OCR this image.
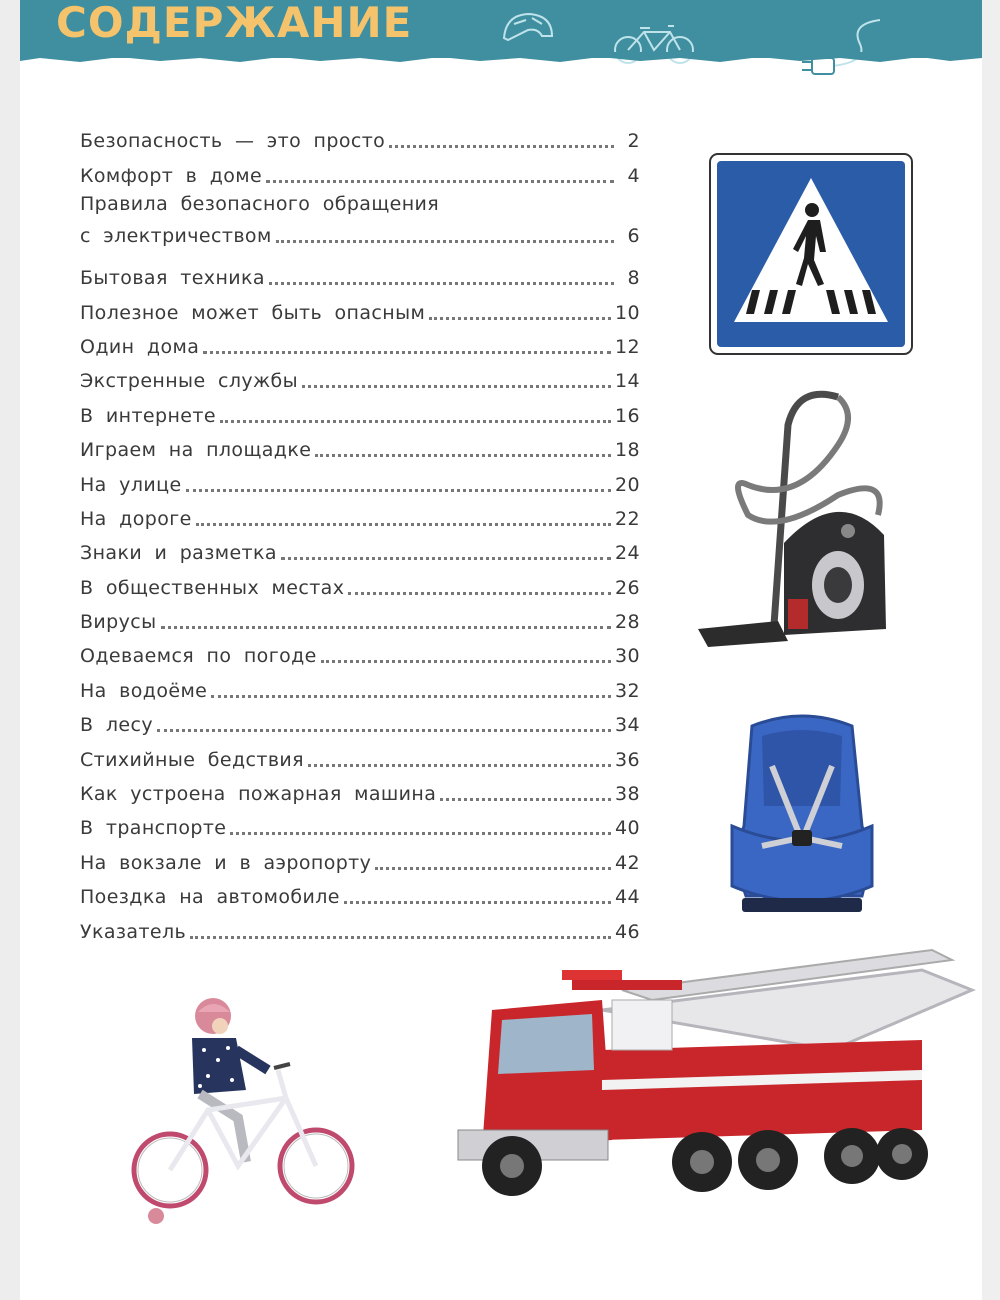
СОДЕРЖАНИЕ
Безопасность — это просто	2
Комфорт в доме	4
Правила безопасного обращения
с электричеством	6
Бытовая техника	8
Полезное может быть опасным	10
Один дома	12
Экстренные службы	14
В интернете	16
Играем на площадке	18
На улице	20
На дороге	22
Знаки и разметка	24
В общественных местах	26
Вирусы	28
Одеваемся по погоде	30
На водоёме	32
В лесу	34
Стихийные бедствия	36
Как устроена пожарная машина	38
В транспорте	40
На вокзале и в аэропорту	42
Поездка на автомобиле	44
Указатель	46
